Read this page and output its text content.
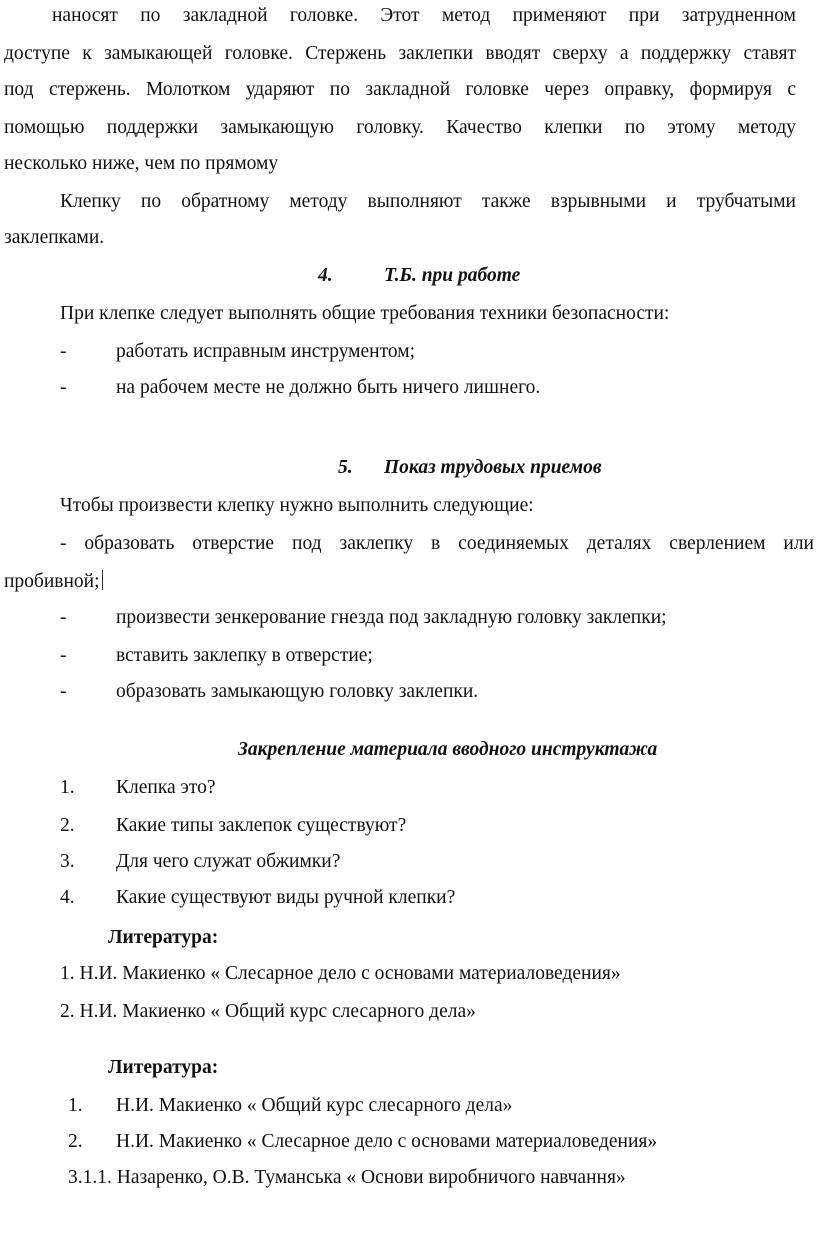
наносят по закладной головке. Этот метод применяют при затрудненном
доступе к замыкающей головке. Стержень заклепки вводят сверху а поддержку ставят
под стержень. Молотком ударяют по закладной головке через оправку, формируя с
помощью поддержки замыкающую головку. Качество клепки по этому методу
несколько ниже, чем по прямому
Клепку по обратному методу выполняют также взрывными и трубчатыми
заклепками.
4.	Т.Б. при работе
При клепке следует выполнять общие требования техники безопасности:
-	работать исправным инструментом;
-	на рабочем месте не должно быть ничего лишнего.
5. Показ трудовых приемов
Чтобы произвести клепку нужно выполнить следующие:
- образовать отверстие под заклепку в соединяемых деталях сверлением или
пробивной;
-	произвести зенкерование гнезда под закладную головку заклепки;
-	вставить заклепку в отверстие;
-	образовать замыкающую головку заклепки.
Закрепление материала вводного инструктажа
1. Клепка это?
2. Какие типы заклепок существуют?
3. Для чего служат обжимки?
4. Какие существуют виды ручной клепки?
Литература:
1. Н.И. Макиенко « Слесарное дело с основами материаловедения»
2. Н.И. Макиенко « Общий курс слесарного дела»
Литература:
1. Н.И. Макиенко « Общий курс слесарного дела»
2. Н.И. Макиенко « Слесарное дело с основами материаловедения»
3.1.1. Назаренко, О.В. Туманська « Основи виробничого навчання»
